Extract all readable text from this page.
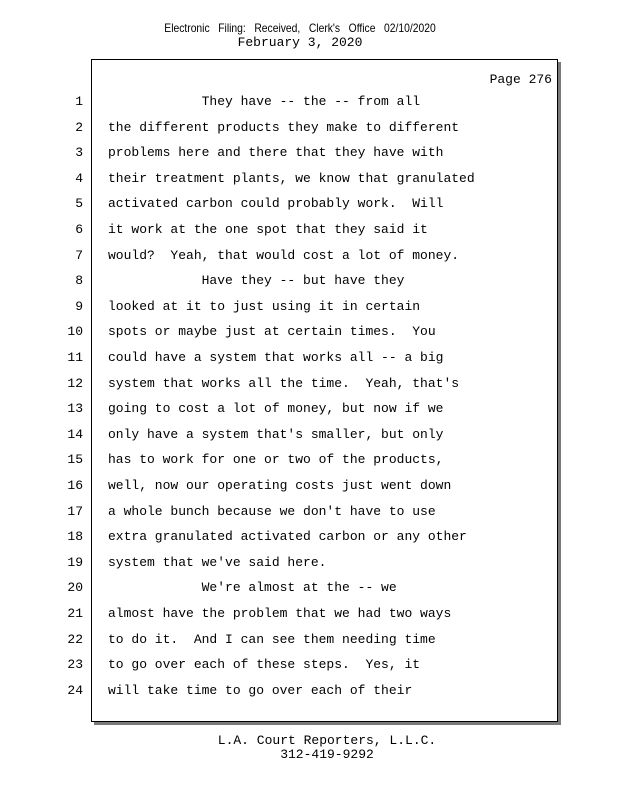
Electronic Filing: Received, Clerk's Office 02/10/2020
February 3, 2020
Page 276
1 They have -- the -- from all
2 the different products they make to different
3 problems here and there that they have with
4 their treatment plants, we know that granulated
5 activated carbon could probably work.  Will
6 it work at the one spot that they said it
7 would?  Yeah, that would cost a lot of money.
8 Have they -- but have they
9 looked at it to just using it in certain
10 spots or maybe just at certain times.  You
11 could have a system that works all -- a big
12 system that works all the time.  Yeah, that's
13 going to cost a lot of money, but now if we
14 only have a system that's smaller, but only
15 has to work for one or two of the products,
16 well, now our operating costs just went down
17 a whole bunch because we don't have to use
18 extra granulated activated carbon or any other
19 system that we've said here.
20 We're almost at the -- we
21 almost have the problem that we had two ways
22 to do it.  And I can see them needing time
23 to go over each of these steps.  Yes, it
24 will take time to go over each of their
L.A. Court Reporters, L.L.C.
312-419-9292
